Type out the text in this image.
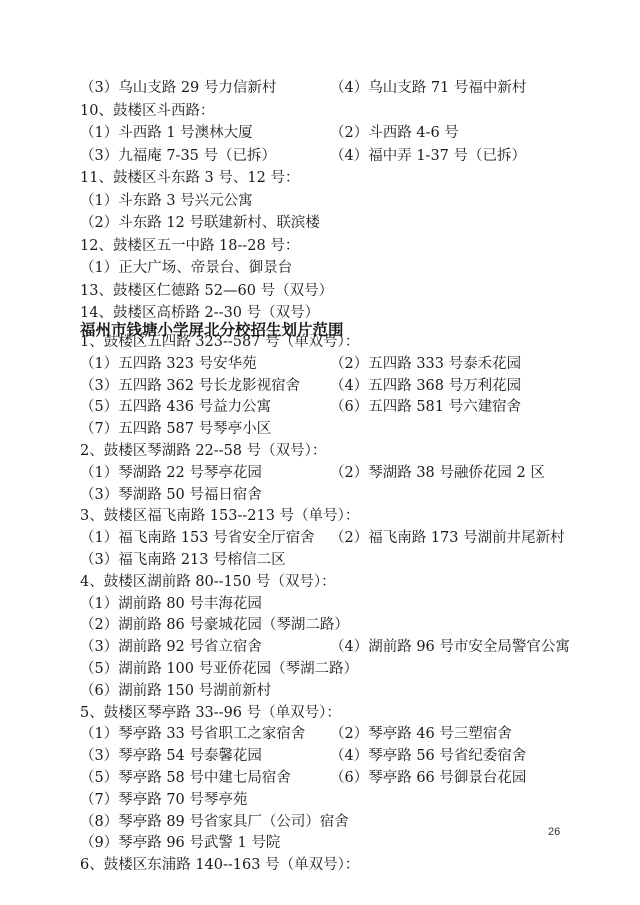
（3）乌山支路 29 号力信新村	（4）乌山支路 71 号福中新村
10、鼓楼区斗西路：
（1）斗西路 1 号澳林大厦	（2）斗西路 4-6 号
（3）九福庵 7-35 号（已拆）	（4）福中弄 1-37 号（已拆）
11、鼓楼区斗东路 3 号、12 号：
（1）斗东路 3 号兴元公寓
（2）斗东路 12 号联建新村、联滨楼
12、鼓楼区五一中路 18--28 号：
（1）正大广场、帝景台、御景台
13、鼓楼区仁德路 52—60 号（双号）
14、鼓楼区高桥路 2--30 号（双号）
福州市钱塘小学屏北分校招生划片范围
1、鼓楼区五四路 323--587 号（单双号）：
（1）五四路 323 号安华苑	（2）五四路 333 号泰禾花园
（3）五四路 362 号长龙影视宿舍 （4）五四路 368 号万利花园
（5）五四路 436 号益力公寓	（6）五四路 581 号六建宿舍
（7）五四路 587 号琴亭小区
2、鼓楼区琴湖路 22--58 号（双号）：
（1）琴湖路 22 号琴亭花园	（2）琴湖路 38 号融侨花园 2 区
（3）琴湖路 50 号福日宿舍
3、鼓楼区福飞南路 153--213 号（单号）：
（1）福飞南路 153 号省安全厅宿舍 （2）福飞南路 173 号湖前井尾新村
（3）福飞南路 213 号榕信二区
4、鼓楼区湖前路 80--150 号（双号）：
（1）湖前路 80 号丰海花园
（2）湖前路 86 号豪城花园（琴湖二路）
（3）湖前路 92 号省立宿舍	（4）湖前路 96 号市安全局警官公寓
（5）湖前路 100 号亚侨花园（琴湖二路）
（6）湖前路 150 号湖前新村
5、鼓楼区琴亭路 33--96 号（单双号）：
（1）琴亭路 33 号省职工之家宿舍 （2）琴亭路 46 号三塑宿舍
（3）琴亭路 54 号泰馨花园	（4）琴亭路 56 号省纪委宿舍
（5）琴亭路 58 号中建七局宿舍	（6）琴亭路 66 号御景台花园
（7）琴亭路 70 号琴亭苑
（8）琴亭路 89 号省家具厂（公司）宿舍
（9）琴亭路 96 号武警 1 号院
6、鼓楼区东浦路 140--163 号（单双号）：
26
